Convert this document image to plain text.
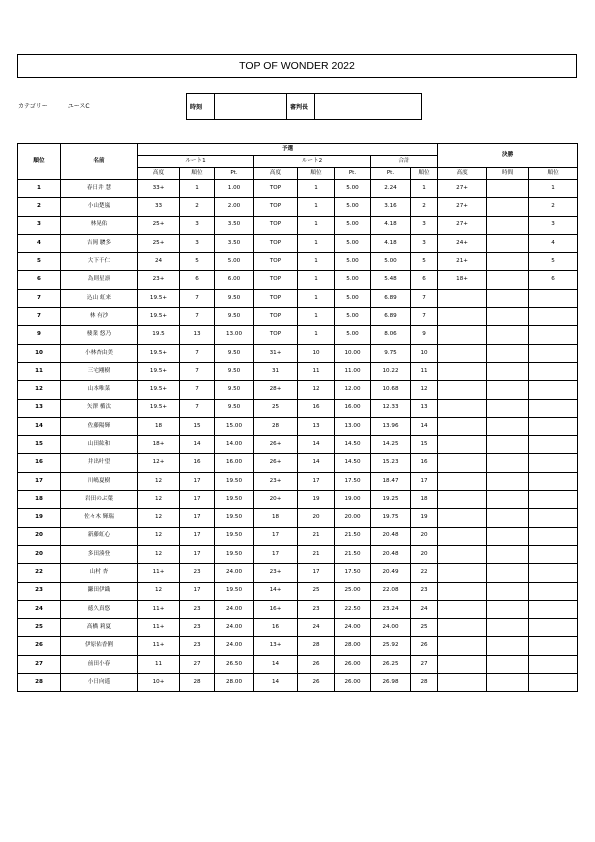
TOP OF WONDER 2022
カテゴリー	ユースC	時刻		審判長	
順位	名前	予選								決勝		
		ルート1			ルート2			合計				
		高度	順位	Pt.	高度	順位	Pt.	Pt.	順位	高度	時間	順位
1	春日井 慧	33+	1	1.00	TOP	1	5.00	2.24	1	27+		1
2	小山楚嵐	33	2	2.00	TOP	1	5.00	3.16	2	27+		2
3	林晃佑	25+	3	3.50	TOP	1	5.00	4.18	3	27+		3
4	吉岡 駿多	25+	3	3.50	TOP	1	5.00	4.18	3	24+		4
5	大下千仁	24	5	5.00	TOP	1	5.00	5.00	5	21+		5
6	為則星凛	23+	6	6.00	TOP	1	5.00	5.48	6	18+		6
7	込山 虹来	19.5+	7	9.50	TOP	1	5.00	6.89	7			
7	林 有沙	19.5+	7	9.50	TOP	1	5.00	6.89	7			
9	棲業 悠乃	19.5	13	13.00	TOP	1	5.00	8.06	9			
10	小林杏由美	19.5+	7	9.50	31+	10	10.00	9.75	10			
11	三宅剛樹	19.5+	7	9.50	31	11	11.00	10.22	11			
12	山本唯菜	19.5+	7	9.50	28+	12	12.00	10.68	12			
13	矢澤 楯汰	19.5+	7	9.50	25	16	16.00	12.33	13			
14	佐藤陽輝	18	15	15.00	28	13	13.00	13.96	14			
15	山田紘和	18+	14	14.00	26+	14	14.50	14.25	15			
16	井出叶望	12+	16	16.00	26+	14	14.50	15.23	16			
17	川嶋夏樹	12	17	19.50	23+	17	17.50	18.47	17			
18	岩田のぶ葉	12	17	19.50	20+	19	19.00	19.25	18			
19	佐々木 輝瑞	12	17	19.50	18	20	20.00	19.75	19			
20	新藤虹心	12	17	19.50	17	21	21.50	20.48	20			
20	多田湊登	12	17	19.50	17	21	21.50	20.48	20			
22	山村 杏	11+	23	24.00	23+	17	17.50	20.49	22			
23	鎌田伊織	12	17	19.50	14+	25	25.00	22.08	23			
24	徳久真悠	11+	23	24.00	16+	23	22.50	23.24	24			
25	高橋 莉夏	11+	23	24.00	16	24	24.00	24.00	25			
26	伊原佑香俐	11+	23	24.00	13+	28	28.00	25.92	26			
27	前田小春	11	27	26.50	14	26	26.00	26.25	27			
28	小日向遥	10+	28	28.00	14	26	26.00	26.98	28			
